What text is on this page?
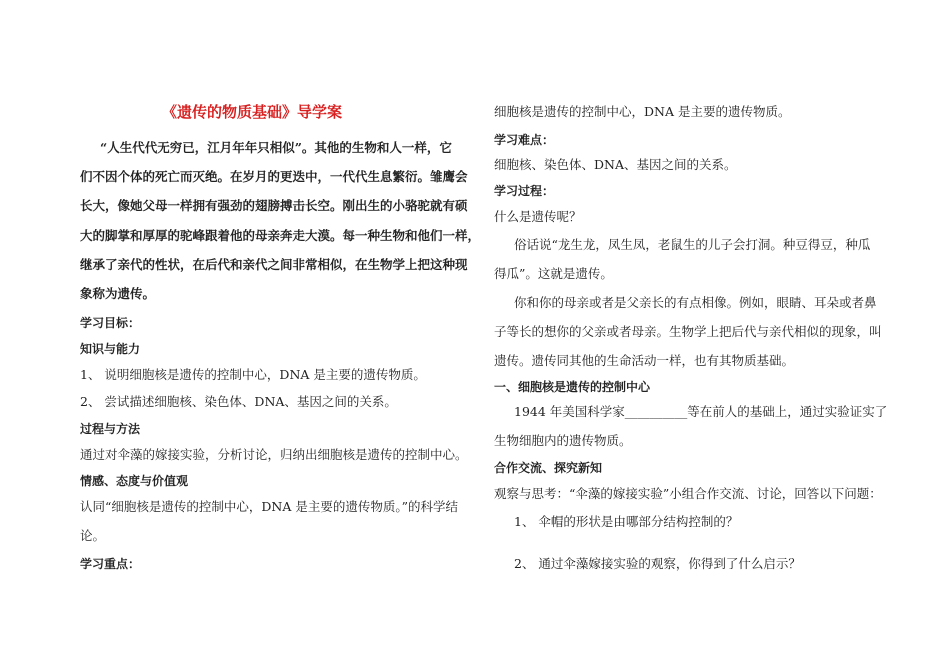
《遗传的物质基础》导学案
“人生代代无穷已，江月年年只相似”。其他的生物和人一样，它
们不因个体的死亡而灭绝。在岁月的更迭中，一代代生息繁衍。雏鹰会
长大，像她父母一样拥有强劲的翅膀搏击长空。刚出生的小骆驼就有硕
大的脚掌和厚厚的驼峰跟着他的母亲奔走大漠。每一种生物和他们一样，
继承了亲代的性状，在后代和亲代之间非常相似，在生物学上把这种现
象称为遗传。
学习目标：
知识与能力
1、 说明细胞核是遗传的控制中心，DNA 是主要的遗传物质。
2、 尝试描述细胞核、染色体、DNA、基因之间的关系。
过程与方法
通过对伞藻的嫁接实验，分析讨论，归纳出细胞核是遗传的控制中心。
情感、态度与价值观
认同“细胞核是遗传的控制中心，DNA 是主要的遗传物质。”的科学结
论。
学习重点：
细胞核是遗传的控制中心，DNA 是主要的遗传物质。
学习难点：
细胞核、染色体、DNA、基因之间的关系。
学习过程：
什么是遗传呢？
俗话说“龙生龙，凤生凤，老鼠生的儿子会打洞。种豆得豆，种瓜
得瓜”。这就是遗传。
你和你的母亲或者是父亲长的有点相像。例如，眼睛、耳朵或者鼻
子等长的想你的父亲或者母亲。生物学上把后代与亲代相似的现象，叫
遗传。遗传同其他的生命活动一样，也有其物质基础。
一、细胞核是遗传的控制中心
1944 年美国科学家__________等在前人的基础上，通过实验证实了
生物细胞内的遗传物质。
合作交流、探究新知
观察与思考：“伞藻的嫁接实验”小组合作交流、讨论，回答以下问题：
1、 伞帽的形状是由哪部分结构控制的？
2、 通过伞藻嫁接实验的观察，你得到了什么启示？
